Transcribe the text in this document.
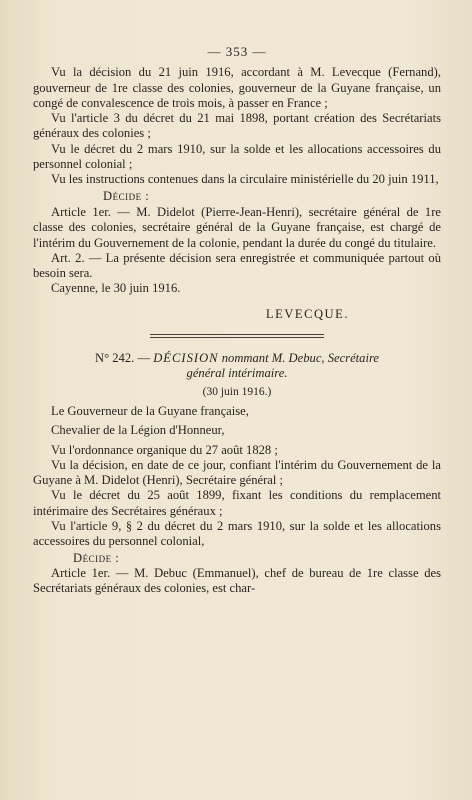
— 353 —

Vu la décision du 21 juin 1916, accordant à M. Levecque (Fernand), gouverneur de 1re classe des colonies, gouverneur de la Guyane française, un congé de convalescence de trois mois, à passer en France ;

Vu l'article 3 du décret du 21 mai 1898, portant création des Secrétariats généraux des colonies ;

Vu le décret du 2 mars 1910, sur la solde et les allocations accessoires du personnel colonial ;

Vu les instructions contenues dans la circulaire ministérielle du 20 juin 1911,

Décide :

Article 1er. — M. Didelot (Pierre-Jean-Henri), secrétaire général de 1re classe des colonies, secrétaire général de la Guyane française, est chargé de l'intérim du Gouvernement de la colonie, pendant la durée du congé du titulaire.

Art. 2. — La présente décision sera enregistrée et communiquée partout où besoin sera.

Cayenne, le 30 juin 1916.

LEVECQUE.
N° 242. — DÉCISION nommant M. Debuc, Secrétaire
général intérimaire.
(30 juin 1916.)

Le Gouverneur de la Guyane française,

Chevalier de la Légion d'Honneur,

Vu l'ordonnance organique du 27 août 1828 ;

Vu la décision, en date de ce jour, confiant l'intérim du Gouvernement de la Guyane à M. Didelot (Henri), Secrétaire général ;

Vu le décret du 25 août 1899, fixant les conditions du remplacement intérimaire des Secrétaires généraux ;

Vu l'article 9, § 2 du décret du 2 mars 1910, sur la solde et les allocations accessoires du personnel colonial,

Décide :

Article 1er. — M. Debuc (Emmanuel), chef de bureau de 1re classe des Secrétariats généraux des colonies, est char-
